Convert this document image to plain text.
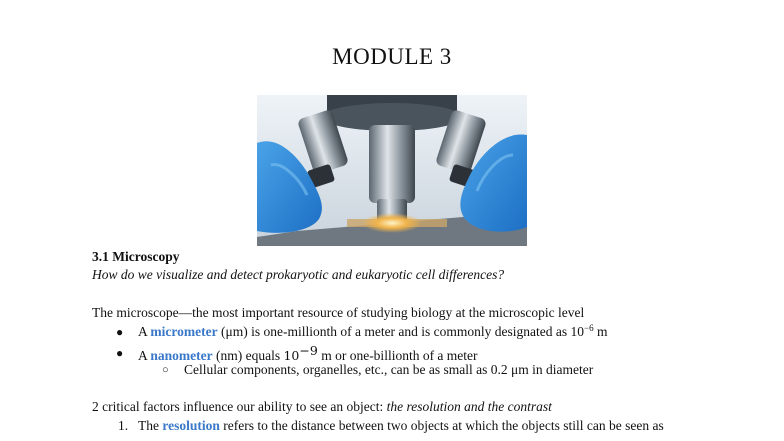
MODULE 3
3.1 Microscopy
How do we visualize and detect prokaryotic and eukaryotic cell differences?
The microscope—the most important resource of studying biology at the microscopic level
● A micrometer (μm) is one-millionth of a meter and is commonly designated as $10^{-6}$ m
● A nanometer (nm) equals $10^{-9}$ m or one-billionth of a meter
○ Cellular components, organelles, etc., can be as small as 0.2 μm in diameter
2 critical factors influence our ability to see an object: the resolution and the contrast
1. The resolution refers to the distance between two objects at which the objects still can be seen as
